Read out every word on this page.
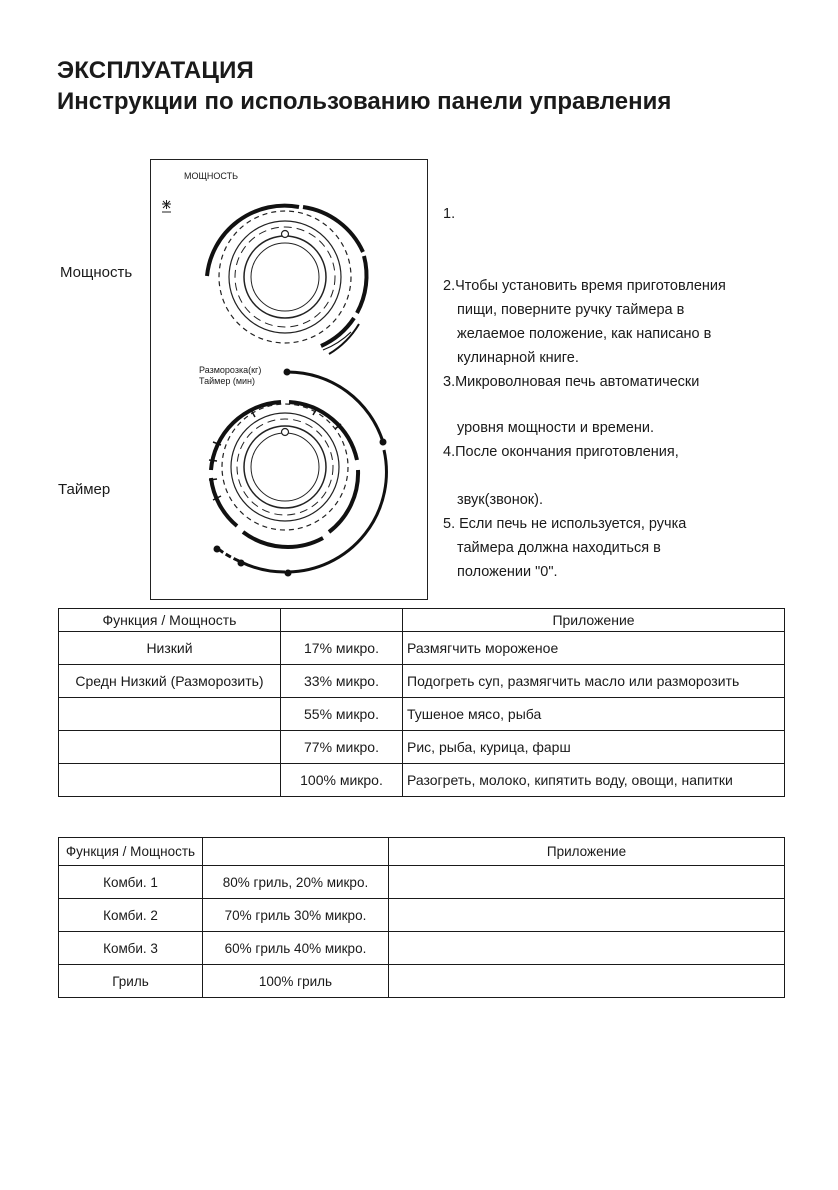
ЭКСПЛУАТАЦИЯ
Инструкции по использованию панели управления
Мощность
Таймер
МОЩНОСТЬ
Разморозка(кг)
Таймер (мин)
1.
2.Чтобы установить время приготовления
пищи, поверните ручку таймера в
желаемое положение, как написано в
кулинарной книге.
3.Микроволновая печь автоматически
уровня мощности и времени.
4.После окончания приготовления,
звук(звонок).
5. Если печь не используется, ручка
таймера должна находиться в
положении "0".
Функция / Мощность		Приложение
Низкий	17% микро.	Размягчить мороженое
Средн Низкий (Разморозить)	33% микро.	Подогреть суп, размягчить масло или разморозить
	55% микро.	Тушеное мясо, рыба
	77% микро.	Рис, рыба, курица, фарш
	100% микро.	Разогреть, молоко, кипятить воду, овощи, напитки
Функция / Мощность		Приложение
Комби. 1	80% гриль, 20% микро.	
Комби. 2	70% гриль 30% микро.	
Комби. 3	60% гриль 40% микро.	
Гриль	100% гриль	
